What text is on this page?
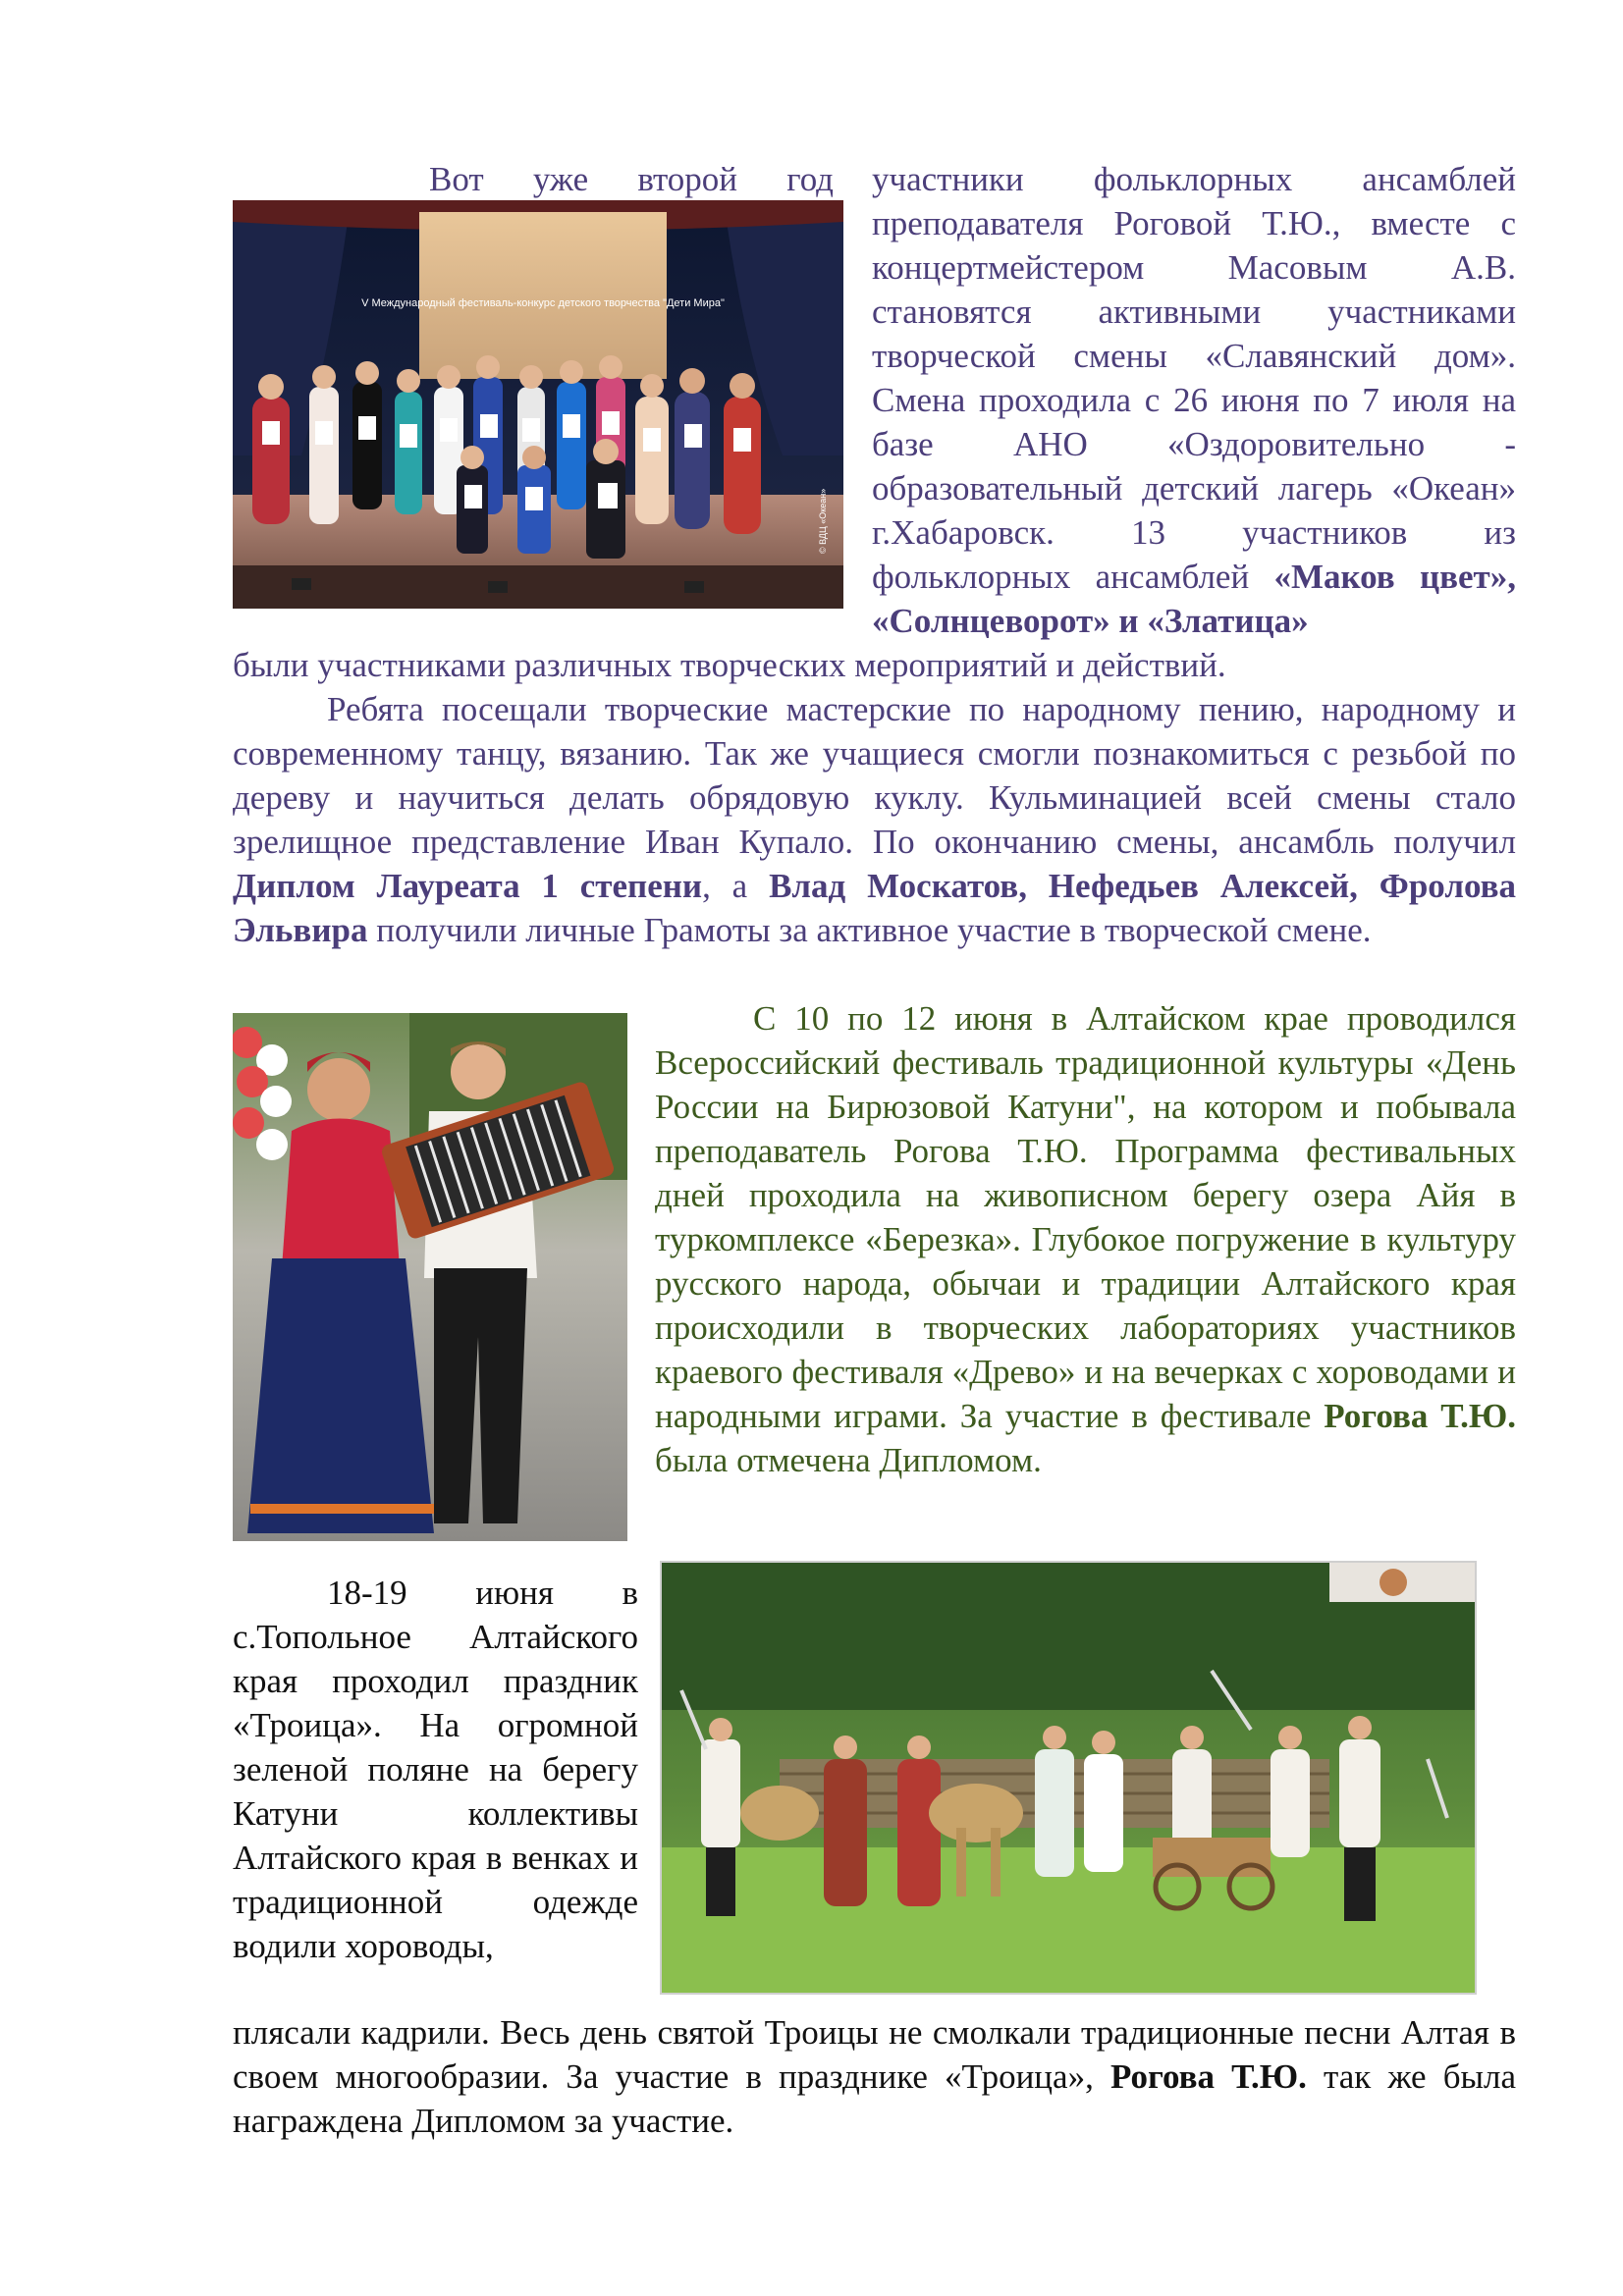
Вот уже второй год участники фольклорных ансамблей
V Международный фестиваль-конкурс детского творчества "Дети Мира"
© ВДЦ «Океан»

преподавателя Роговой Т.Ю., вместе с концертмейстером Масовым А.В. становятся активными участниками творческой смены «Славянский дом». Смена проходила с 26 июня по 7 июля на базе АНО «Оздоровительно - образовательный детский лагерь «Океан» г.Хабаровск. 13 участников из фольклорных ансамблей «Маков цвет», «Солнцеворот» и «Златица»

были участниками различных творческих мероприятий и действий.

Ребята посещали творческие мастерские по народному пению, народному и современному танцу, вязанию. Так же учащиеся смогли познакомиться с резьбой по дереву и научиться делать обрядовую куклу. Кульминацией всей смены стало зрелищное представление Иван Купало. По окончанию смены, ансамбль получил Диплом Лауреата 1 степени, а Влад Москатов, Нефедьев Алексей, Фролова Эльвира получили личные Грамоты за активное участие в творческой смене.

С 10 по 12 июня в Алтайском крае проводился Всероссийский фестиваль традиционной культуры «День России на Бирюзовой Катуни", на котором и побывала преподаватель Рогова Т.Ю. Программа фестивальных дней проходила на живописном берегу озера Айя в туркомплексе «Березка». Глубокое погружение в культуру русского народа, обычаи и традиции Алтайского края происходили в творческих лабораториях участников краевого фестиваля «Древо» и на вечерках с хороводами и народными играми. За участие в фестивале Рогова Т.Ю. была отмечена Дипломом.

18-19 июня в с.Топольное Алтайского края проходил праздник «Троица». На огромной зеленой поляне на берегу Катуни коллективы Алтайского края в венках и традиционной одежде водили хороводы,

плясали кадрили. Весь день святой Троицы не смолкали традиционные песни Алтая в своем многообразии. За участие в празднике «Троица», Рогова Т.Ю. так же была награждена Дипломом за участие.
